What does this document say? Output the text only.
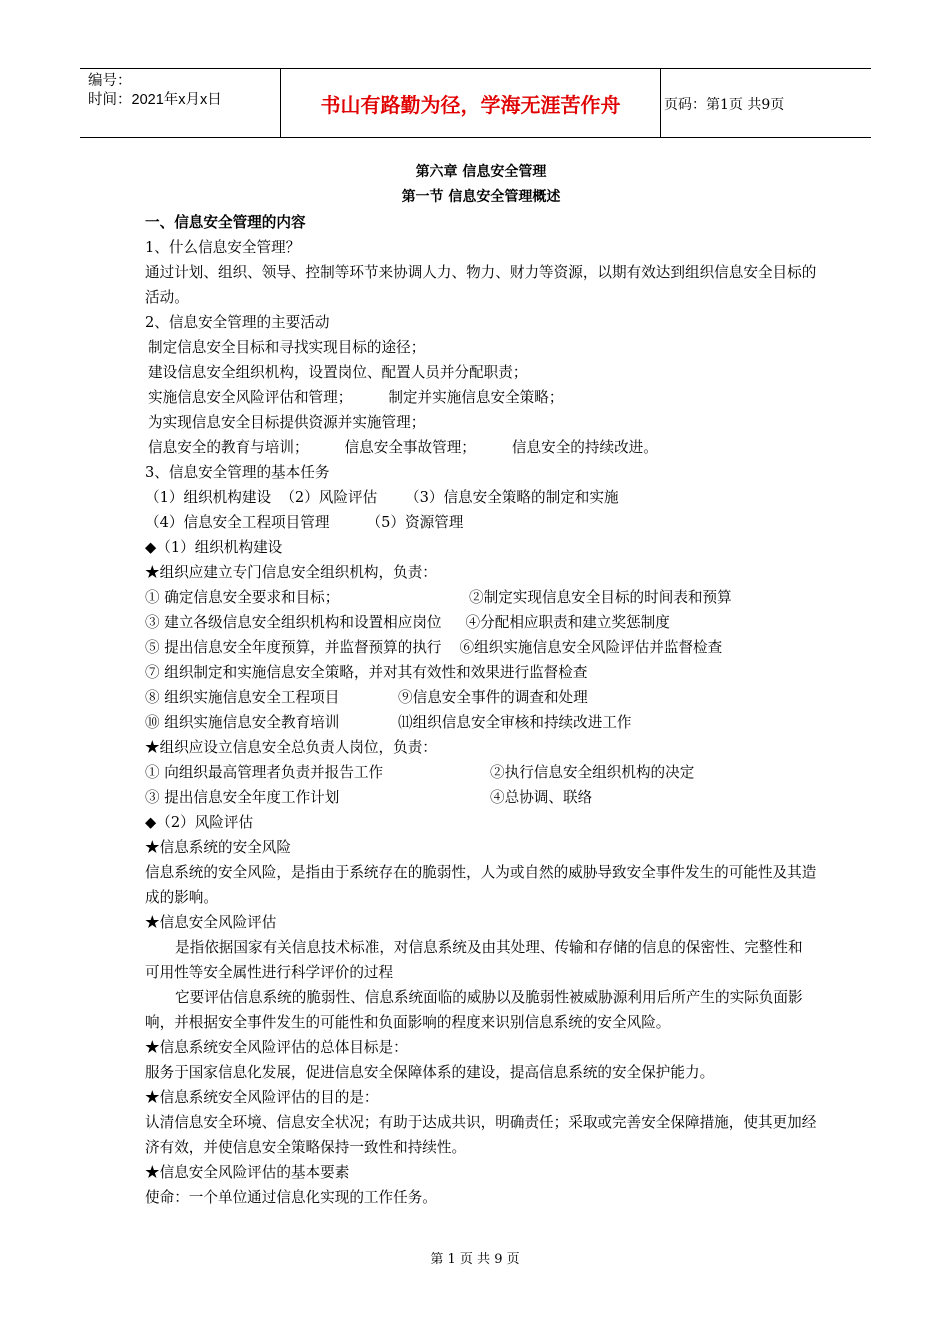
编号：
时间：2021年x月x日	书山有路勤为径，学海无涯苦作舟	页码：第1页 共9页
第六章 信息安全管理
第一节 信息安全管理概述
一、信息安全管理的内容
1、什么信息安全管理？
通过计划、组织、领导、控制等环节来协调人力、物力、财力等资源，以期有效达到组织信息安全目标的活动。
2、信息安全管理的主要活动
制定信息安全目标和寻找实现目标的途径；
建设信息安全组织机构，设置岗位、配置人员并分配职责；
实施信息安全风险评估和管理； 制定并实施信息安全策略；
为实现信息安全目标提供资源并实施管理；
信息安全的教育与培训； 信息安全事故管理； 信息安全的持续改进。
3、信息安全管理的基本任务
（1）组织机构建设  （2）风险评估      （3）信息安全策略的制定和实施
（4）信息安全工程项目管理        （5）资源管理
◆（1）组织机构建设
★组织应建立专门信息安全组织机构，负责：
① 确定信息安全要求和目标；	②制定实现信息安全目标的时间表和预算
③ 建立各级信息安全组织机构和设置相应岗位 ④分配相应职责和建立奖惩制度
⑤ 提出信息安全年度预算，并监督预算的执行 ⑥组织实施信息安全风险评估并监督检查
⑦ 组织制定和实施信息安全策略，并对其有效性和效果进行监督检查
⑧ 组织实施信息安全工程项目	⑨信息安全事件的调查和处理
⑩ 组织实施信息安全教育培训	⑾组织信息安全审核和持续改进工作
★组织应设立信息安全总负责人岗位，负责：
① 向组织最高管理者负责并报告工作	②执行信息安全组织机构的决定
③ 提出信息安全年度工作计划	④总协调、联络
◆（2）风险评估
★信息系统的安全风险
信息系统的安全风险，是指由于系统存在的脆弱性，人为或自然的威胁导致安全事件发生的可能性及其造成的影响。
★信息安全风险评估
是指依据国家有关信息技术标准，对信息系统及由其处理、传输和存储的信息的保密性、完整性和可用性等安全属性进行科学评价的过程
它要评估信息系统的脆弱性、信息系统面临的威胁以及脆弱性被威胁源利用后所产生的实际负面影响，并根据安全事件发生的可能性和负面影响的程度来识别信息系统的安全风险。
★信息系统安全风险评估的总体目标是：
服务于国家信息化发展，促进信息安全保障体系的建设，提高信息系统的安全保护能力。
★信息系统安全风险评估的目的是：
认清信息安全环境、信息安全状况；有助于达成共识，明确责任；采取或完善安全保障措施，使其更加经济有效，并使信息安全策略保持一致性和持续性。
★信息安全风险评估的基本要素
使命：一个单位通过信息化实现的工作任务。
第 1 页 共 9 页
